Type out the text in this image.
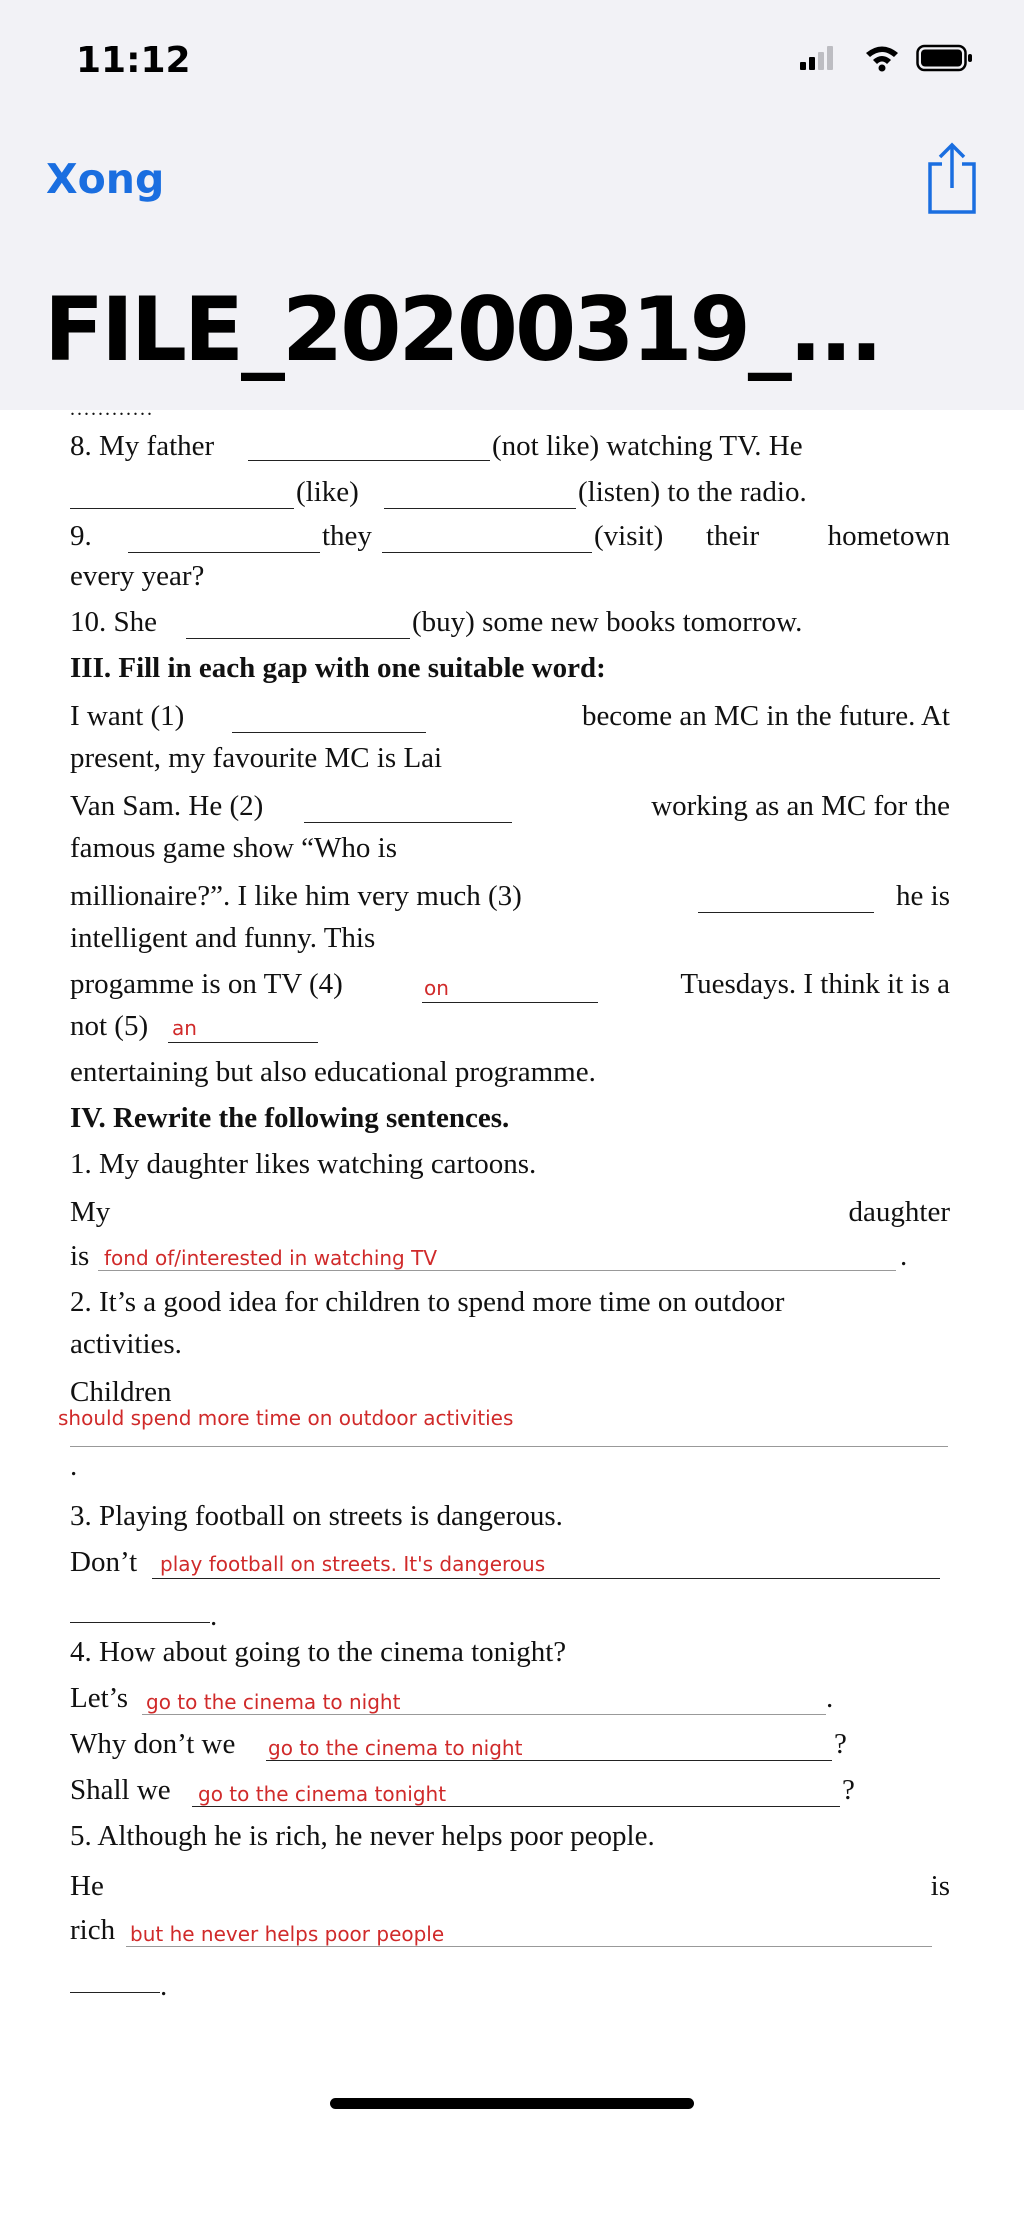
11:12
Xong
FILE_20200319_...
............
8. My father	(not like) watching TV. He
(like)	(listen) to the radio.
9.	they	(visit) their hometown
every year?
10. She	(buy) some new books tomorrow.
III. Fill in each gap with one suitable word:
I want (1)	become an MC in the future. At
present, my favourite MC is Lai
Van Sam. He (2)	working as an MC for the
famous game show “Who is
millionaire?”. I like him very much (3)	he is
intelligent and funny. This
progamme is on TV (4)	on	Tuesdays. I think it is a
not (5) an
entertaining but also educational programme.
IV. Rewrite the following sentences.
1. My daughter likes watching cartoons.
My	daughter
is fond of/interested in watching TV	.
2. It’s a good idea for children to spend more time on outdoor
activities.
Children
should spend more time on outdoor activities
.
3. Playing football on streets is dangerous.
Don’t play football on streets. It's dangerous
.
4. How about going to the cinema tonight?
Let’s go to the cinema to night	.
Why don’t we go to the cinema to night	?
Shall we go to the cinema tonight	?
5. Although he is rich, he never helps poor people.
He	is
rich but he never helps poor people
.
